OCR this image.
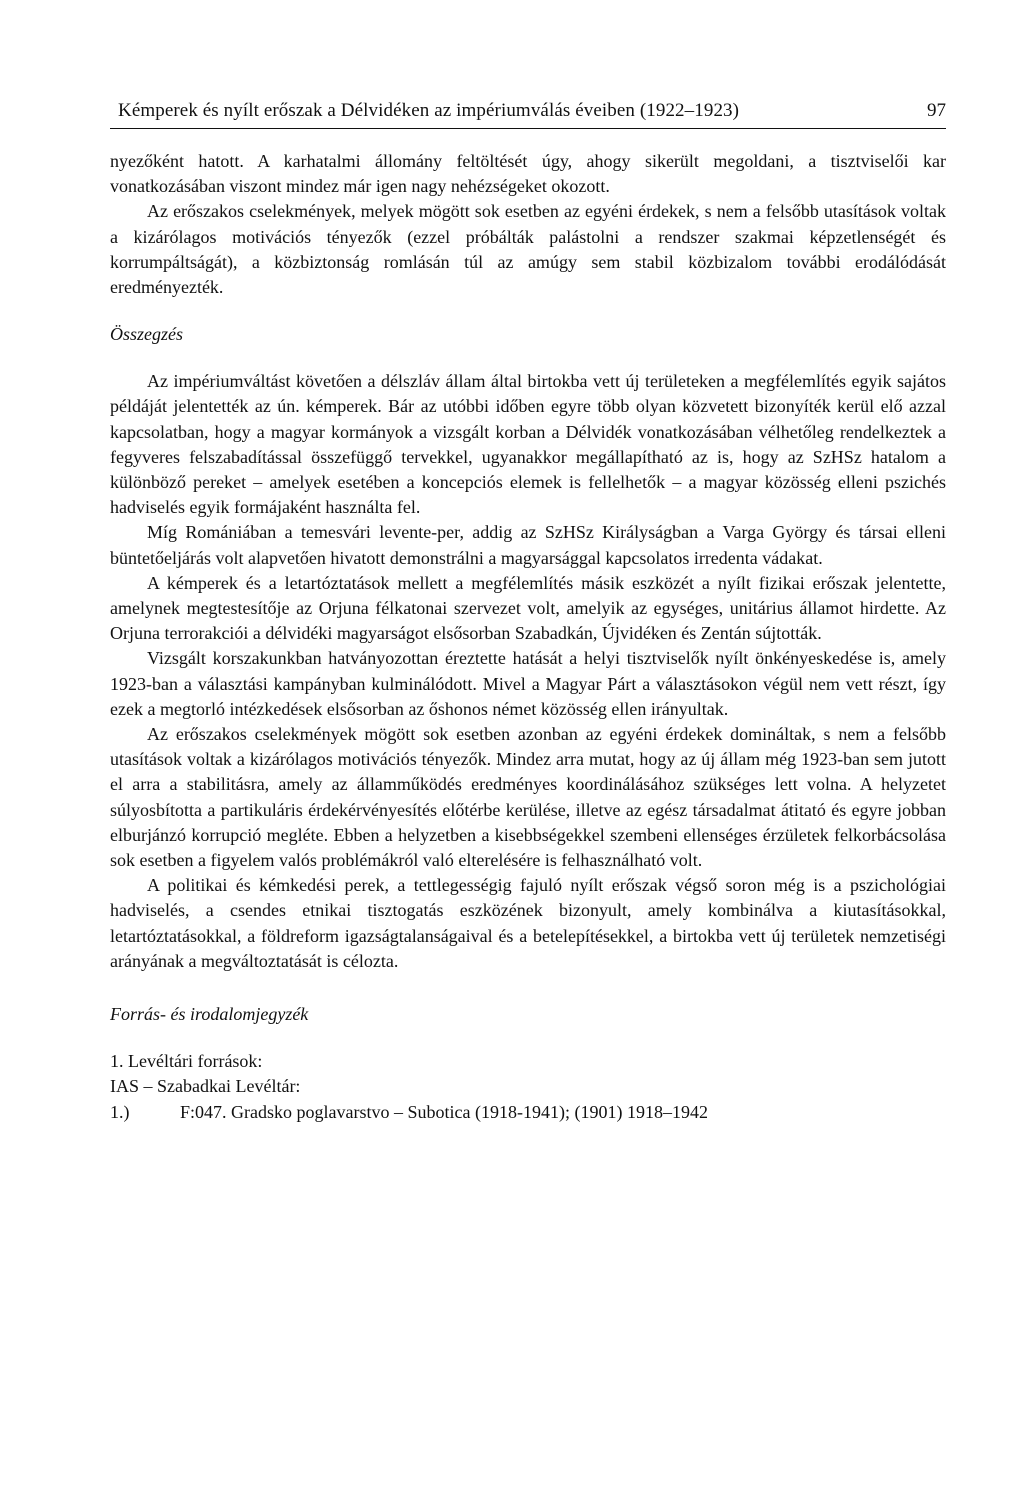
Kémperek és nyílt erőszak a Délvidéken az impériumválás éveiben (1922–1923)	97

nyezőként hatott. A karhatalmi állomány feltöltését úgy, ahogy sikerült megoldani, a tisztviselői kar vonatkozásában viszont mindez már igen nagy nehézségeket okozott.

Az erőszakos cselekmények, melyek mögött sok esetben az egyéni érdekek, s nem a felsőbb utasítások voltak a kizárólagos motivációs tényezők (ezzel próbálták palástolni a rendszer szakmai képzetlenségét és korrumpáltságát), a közbiztonság romlásán túl az amúgy sem stabil közbizalom további erodálódását eredményezték.

Összegzés

Az impériumváltást követően a délszláv állam által birtokba vett új területeken a megfélemlítés egyik sajátos példáját jelentették az ún. kémperek. Bár az utóbbi időben egyre több olyan közvetett bizonyíték kerül elő azzal kapcsolatban, hogy a magyar kormányok a vizsgált korban a Délvidék vonatkozásában vélhetőleg rendelkeztek a fegyveres felszabadítással összefüggő tervekkel, ugyanakkor megállapítható az is, hogy az SzHSz hatalom a különböző pereket – amelyek esetében a koncepciós elemek is fellelhetők – a magyar közösség elleni pszichés hadviselés egyik formájaként használta fel.

Míg Romániában a temesvári levente-per, addig az SzHSz Királyságban a Varga György és társai elleni büntetőeljárás volt alapvetően hivatott demonstrálni a magyarsággal kapcsolatos irredenta vádakat.

A kémperek és a letartóztatások mellett a megfélemlítés másik eszközét a nyílt fizikai erőszak jelentette, amelynek megtestesítője az Orjuna félkatonai szervezet volt, amelyik az egységes, unitárius államot hirdette. Az Orjuna terrorakciói a délvidéki magyarságot elsősorban Szabadkán, Újvidéken és Zentán sújtották.

Vizsgált korszakunkban hatványozottan éreztette hatását a helyi tisztviselők nyílt önkényeskedése is, amely 1923-ban a választási kampányban kulminálódott. Mivel a Magyar Párt a választásokon végül nem vett részt, így ezek a megtorló intézkedések elsősorban az őshonos német közösség ellen irányultak.

Az erőszakos cselekmények mögött sok esetben azonban az egyéni érdekek domináltak, s nem a felsőbb utasítások voltak a kizárólagos motivációs tényezők. Mindez arra mutat, hogy az új állam még 1923-ban sem jutott el arra a stabilitásra, amely az államműködés eredményes koordinálásához szükséges lett volna. A helyzetet súlyosbította a partikuláris érdekérvényesítés előtérbe kerülése, illetve az egész társadalmat átitató és egyre jobban elburjánzó korrupció megléte. Ebben a helyzetben a kisebbségekkel szembeni ellenséges érzületek felkorbácsolása sok esetben a figyelem valós problémákról való elterelésére is felhasználható volt.

A politikai és kémkedési perek, a tettlegességig fajuló nyílt erőszak végső soron még is a pszichológiai hadviselés, a csendes etnikai tisztogatás eszközének bizonyult, amely kombinálva a kiutasításokkal, letartóztatásokkal, a földreform igazságtalanságaival és a betelepítésekkel, a birtokba vett új területek nemzetiségi arányának a megváltoztatását is célozta.

Forrás- és irodalomjegyzék

1. Levéltári források:

IAS – Szabadkai Levéltár:

1.)	F:047. Gradsko poglavarstvo – Subotica (1918-1941); (1901) 1918–1942
